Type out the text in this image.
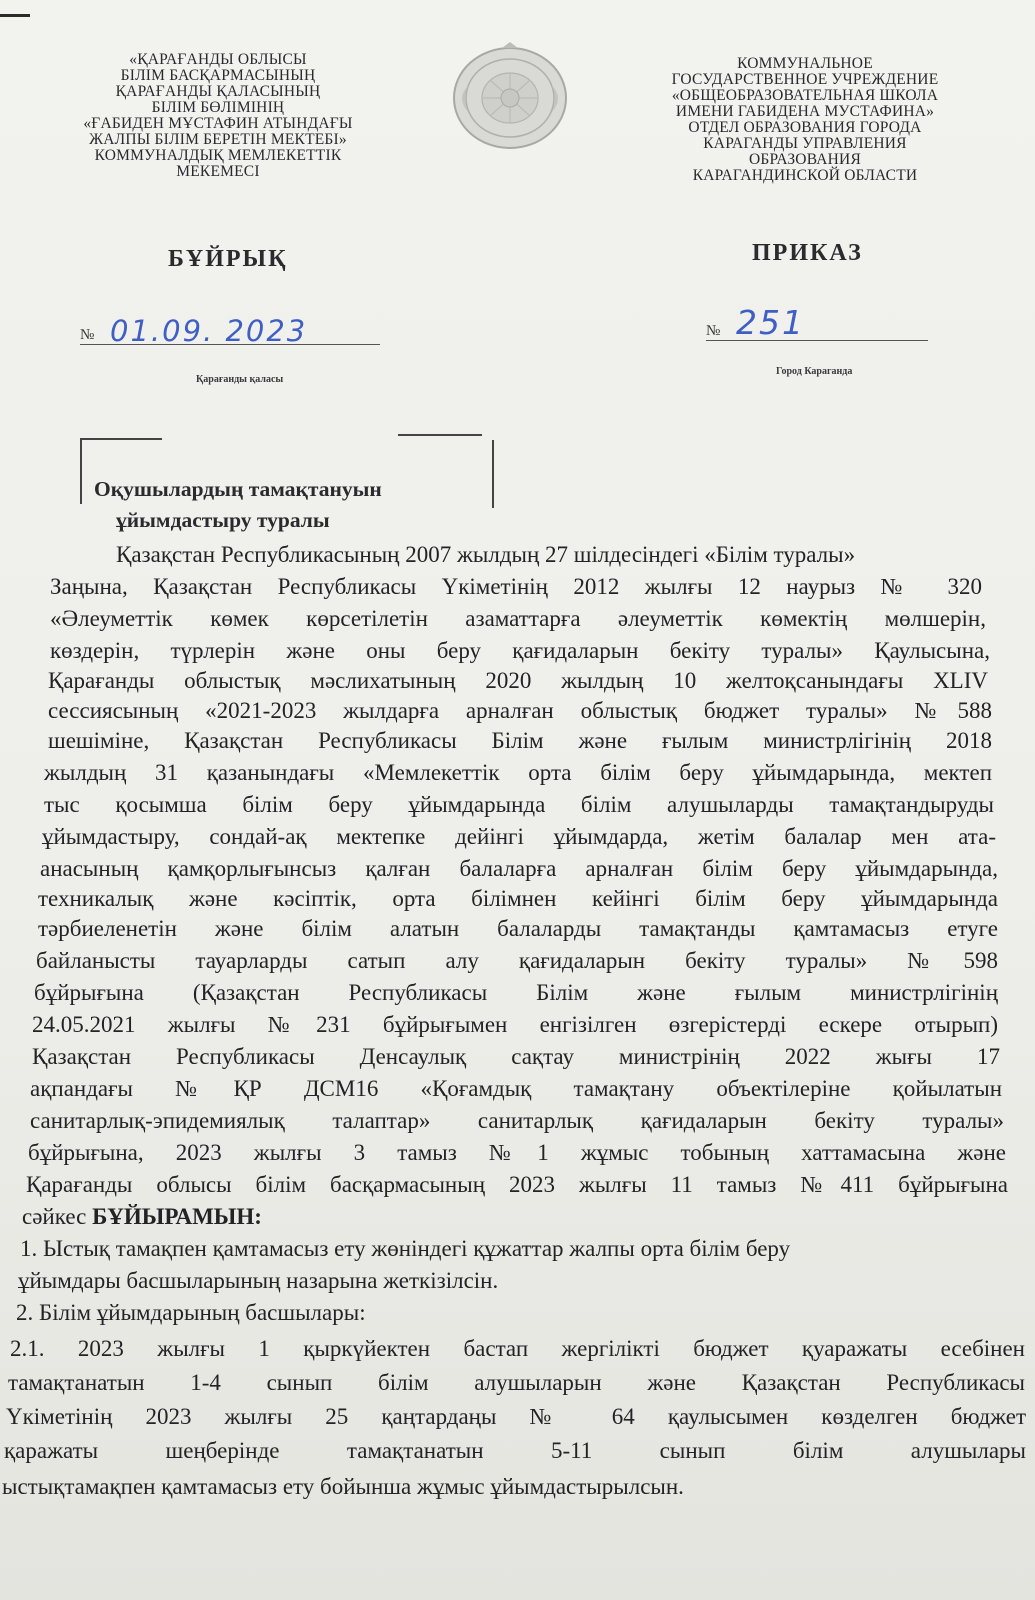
«ҚАРАҒАНДЫ ОБЛЫСЫ
БІЛІМ БАСҚАРМАСЫНЫҢ
ҚАРАҒАНДЫ ҚАЛАСЫНЫҢ
БІЛІМ БӨЛІМІНІҢ
«ҒАБИДЕН МҰСТАФИН АТЫНДАҒЫ
ЖАЛПЫ БІЛІМ БЕРЕТІН МЕКТЕБІ»
КОММУНАЛДЫҚ МЕМЛЕКЕТТІК
МЕКЕМЕСІ
КОММУНАЛЬНОЕ
ГОСУДАРСТВЕННОЕ УЧРЕЖДЕНИЕ
«ОБЩЕОБРАЗОВАТЕЛЬНАЯ ШКОЛА
ИМЕНИ ГАБИДЕНА МУСТАФИНА»
ОТДЕЛ ОБРАЗОВАНИЯ ГОРОДА
КАРАГАНДЫ УПРАВЛЕНИЯ
ОБРАЗОВАНИЯ
КАРАГАНДИНСКОЙ ОБЛАСТИ
БҰЙРЫҚ	ПРИКАЗ
№ 01.09. 2023	№ 251
Қарағанды қаласы
Город Караганда
Оқушылардың тамақтануын
ұйымдастыру туралы
Қазақстан Республикасының 2007 жылдың 27 шілдесіндегі «Білім туралы»
Заңына, Қазақстан Республикасы Үкіметінің 2012 жылғы 12 наурыз № 320
«Әлеуметтік көмек көрсетілетін азаматтарға әлеуметтік көмектің мөлшерін,
көздерін, түрлерін және оны беру қағидаларын бекіту туралы» Қаулысына,
Қарағанды облыстық мәслихатының 2020 жылдың 10 желтоқсанындағы XLIV
сессиясының «2021-2023 жылдарға арналған облыстық бюджет туралы» №588
шешіміне, Қазақстан Республикасы Білім және ғылым министрлігінің 2018
жылдың 31 қазанындағы «Мемлекеттік орта білім беру ұйымдарында, мектеп
тыс қосымша білім беру ұйымдарында білім алушыларды тамақтандыруды
ұйымдастыру, сондай-ақ мектепке дейінгі ұйымдарда, жетім балалар мен ата-
анасының қамқорлығынсыз қалған балаларға арналған білім беру ұйымдарында,
техникалық және кәсіптік, орта білімнен кейінгі білім беру ұйымдарында
тәрбиеленетін және білім алатын балаларды тамақтанды қамтамасыз етуге
байланысты тауарларды сатып алу қағидаларын бекіту туралы» №598
бұйрығына (Қазақстан Республикасы Білім және ғылым министрлігінің
24.05.2021 жылғы №231 бұйрығымен енгізілген өзгерістерді ескере отырып)
Қазақстан Республикасы Денсаулық сақтау министрінің 2022 жығы 17
ақпандағы №ҚР ДСМ16 «Қоғамдық тамақтану объектілеріне қойылатын
санитарлық-эпидемиялық талаптар» санитарлық қағидаларын бекіту туралы»
бұйрығына, 2023 жылғы 3 тамыз №1 жұмыс тобының хаттамасына және
Қарағанды облысы білім басқармасының 2023 жылғы 11 тамыз №411 бұйрығына
сәйкес БҰЙЫРАМЫН:
1. Ыстық тамақпен қамтамасыз ету жөніндегі құжаттар жалпы орта білім беру
ұйымдары басшыларының назарына жеткізілсін.
2. Білім ұйымдарының басшылары:
2.1. 2023 жылғы 1 қыркүйектен бастап жергілікті бюджет қуаражаты есебінен
тамақтанатын 1-4 сынып білім алушыларын және Қазақстан Республикасы
Үкіметінің 2023 жылғы 25 қаңтардаңы № 64 қаулысымен көзделген бюджет
қаражаты шеңберінде тамақтанатын 5-11 сынып білім алушылары
ыстықтамақпен қамтамасыз ету бойынша жұмыс ұйымдастырылсын.
